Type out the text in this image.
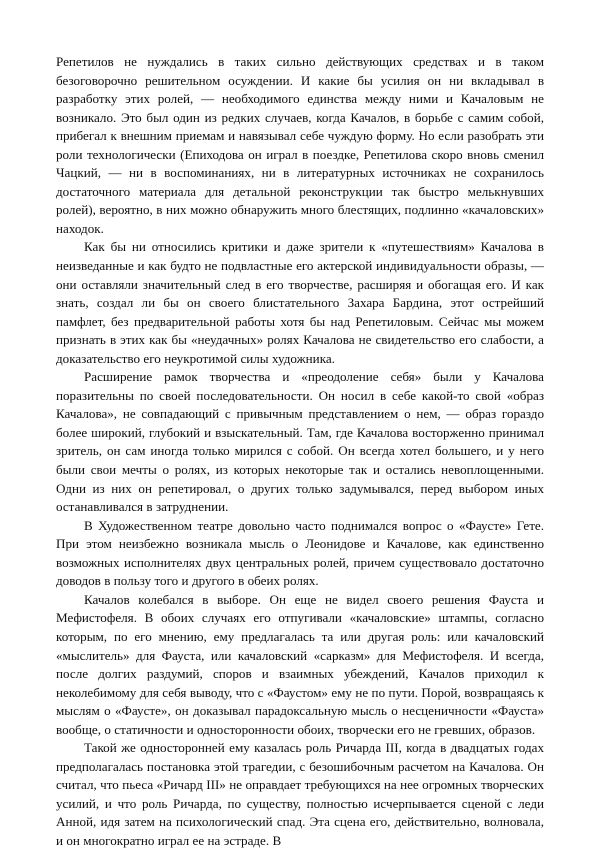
Репетилов не нуждались в таких сильно действующих средствах и в таком безоговорочно решительном осуждении. И какие бы усилия он ни вкладывал в разработку этих ролей, — необходимого единства между ними и Качаловым не возникало. Это был один из редких случаев, когда Качалов, в борьбе с самим собой, прибегал к внешним приемам и навязывал себе чуждую форму. Но если разобрать эти роли технологически (Епиходова он играл в поездке, Репетилова скоро вновь сменил Чацкий, — ни в воспоминаниях, ни в литературных источниках не сохранилось достаточного материала для детальной реконструкции так быстро мелькнувших ролей), вероятно, в них можно обнаружить много блестящих, подлинно «качаловских» находок.

Как бы ни относились критики и даже зрители к «путешествиям» Качалова в неизведанные и как будто не подвластные его актерской индивидуальности образы, — они оставляли значительный след в его творчестве, расширяя и обогащая его. И как знать, создал ли бы он своего блистательного Захара Бардина, этот острейший памфлет, без предварительной работы хотя бы над Репетиловым. Сейчас мы можем признать в этих как бы «неудачных» ролях Качалова не свидетельство его слабости, а доказательство его неукротимой силы художника.

Расширение рамок творчества и «преодоление себя» были у Качалова поразительны по своей последовательности. Он носил в себе какой-то свой «образ Качалова», не совпадающий с привычным представлением о нем, — образ гораздо более широкий, глубокий и взыскательный. Там, где Качалова восторженно принимал зритель, он сам иногда только мирился с собой. Он всегда хотел большего, и у него были свои мечты о ролях, из которых некоторые так и остались невоплощенными. Одни из них он репетировал, о других только задумывался, перед выбором иных останавливался в затруднении.

В Художественном театре довольно часто поднимался вопрос о «Фаусте» Гете. При этом неизбежно возникала мысль о Леонидове и Качалове, как единственно возможных исполнителях двух центральных ролей, причем существовало достаточно доводов в пользу того и другого в обеих ролях.

Качалов колебался в выборе. Он еще не видел своего решения Фауста и Мефистофеля. В обоих случаях его отпугивали «качаловские» штампы, согласно которым, по его мнению, ему предлагалась та или другая роль: или качаловский «мыслитель» для Фауста, или качаловский «сарказм» для Мефистофеля. И всегда, после долгих раздумий, споров и взаимных убеждений, Качалов приходил к неколебимому для себя выводу, что с «Фаустом» ему не по пути. Порой, возвращаясь к мыслям о «Фаусте», он доказывал парадоксальную мысль о несценичности «Фауста» вообще, о статичности и односторонности обоих, творчески его не гревших, образов.

Такой же односторонней ему казалась роль Ричарда III, когда в двадцатых годах предполагалась постановка этой трагедии, с безошибочным расчетом на Качалова. Он считал, что пьеса «Ричард III» не оправдает требующихся на нее огромных творческих усилий, и что роль Ричарда, по существу, полностью исчерпывается сценой с леди Анной, идя затем на психологический спад. Эта сцена его, действительно, волновала, и он многократно играл ее на эстраде. В
